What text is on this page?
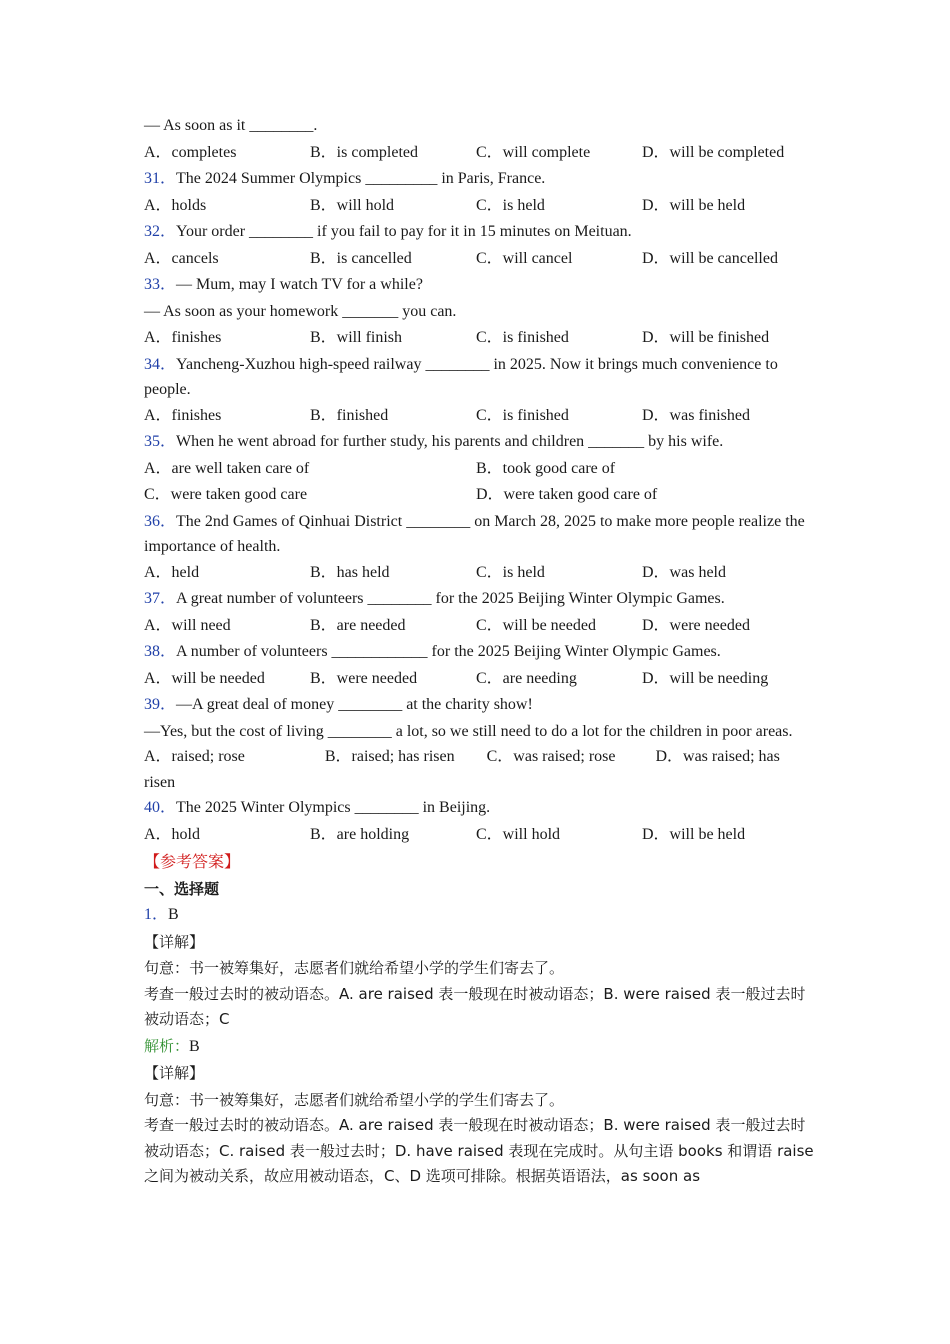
— As soon as it ________.
A．completes	B．is completed	C．will complete	D．will be completed
31．The 2024 Summer Olympics _________ in Paris, France.
A．holds	B．will hold	C．is held	D．will be held
32．Your order ________ if you fail to pay for it in 15 minutes on Meituan.
A．cancels	B．is cancelled	C．will cancel	D．will be cancelled
33．— Mum, may I watch TV for a while?
— As soon as your homework _______ you can.
A．finishes	B．will finish	C．is finished	D．will be finished
34．Yancheng-Xuzhou high-speed railway ________ in 2025. Now it brings much convenience to people.
A．finishes	B．finished	C．is finished	D．was finished
35．When he went abroad for further study, his parents and children _______ by his wife.
A．are well taken care of	B．took good care of
C．were taken good care	D．were taken good care of
36．The 2nd Games of Qinhuai District ________ on March 28, 2025 to make more people realize the importance of health.
A．held	B．has held	C．is held	D．was held
37．A great number of volunteers ________ for the 2025 Beijing Winter Olympic Games.
A．will need	B．are needed	C．will be needed	D．were needed
38．A number of volunteers ____________ for the 2025 Beijing Winter Olympic Games.
A．will be needed	B．were needed	C．are needing	D．will be needing
39．—A great deal of money ________ at the charity show!
—Yes, but the cost of living ________ a lot, so we still need to do a lot for the children in poor areas.
A．raised; rose                    B．raised; has risen        C．was raised; rose          D．was raised; has risen
40．The 2025 Winter Olympics ________ in Beijing.
A．hold	B．are holding	C．will hold	D．will be held
【参考答案】
一、选择题
1．B
【详解】
句意：书一被筹集好，志愿者们就给希望小学的学生们寄去了。
考查一般过去时的被动语态。A. are raised 表一般现在时被动语态；B. were raised 表一般过去时被动语态；C
解析：B
【详解】
句意：书一被筹集好，志愿者们就给希望小学的学生们寄去了。
考查一般过去时的被动语态。A. are raised 表一般现在时被动语态；B. were raised 表一般过去时被动语态；C. raised 表一般过去时；D. have raised 表现在完成时。从句主语 books 和谓语 raise 之间为被动关系，故应用被动语态，C、D 选项可排除。根据英语语法，as soon as
